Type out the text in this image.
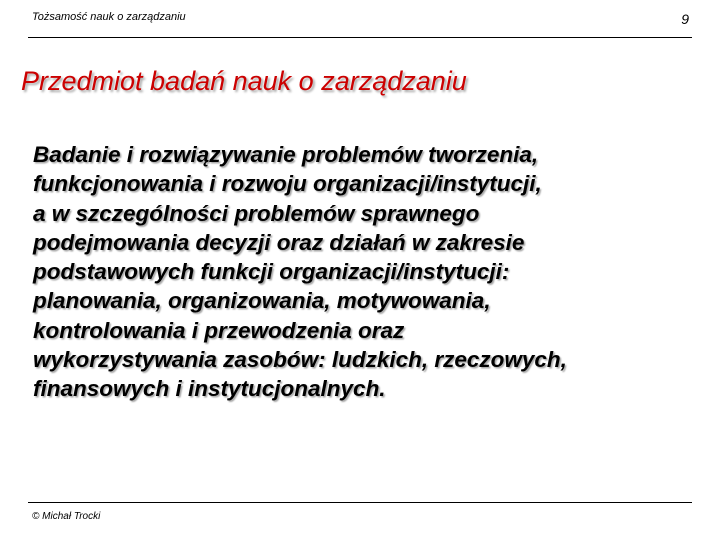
Tożsamość nauk o zarządzaniu	9
Przedmiot badań nauk o zarządzaniu
Badanie i rozwiązywanie problemów tworzenia,
funkcjonowania i rozwoju organizacji/instytucji,
a w szczególności problemów sprawnego
podejmowania decyzji oraz działań w zakresie
podstawowych funkcji organizacji/instytucji:
planowania, organizowania, motywowania,
kontrolowania i przewodzenia oraz
wykorzystywania zasobów: ludzkich, rzeczowych,
finansowych i instytucjonalnych.
© Michał Trocki
